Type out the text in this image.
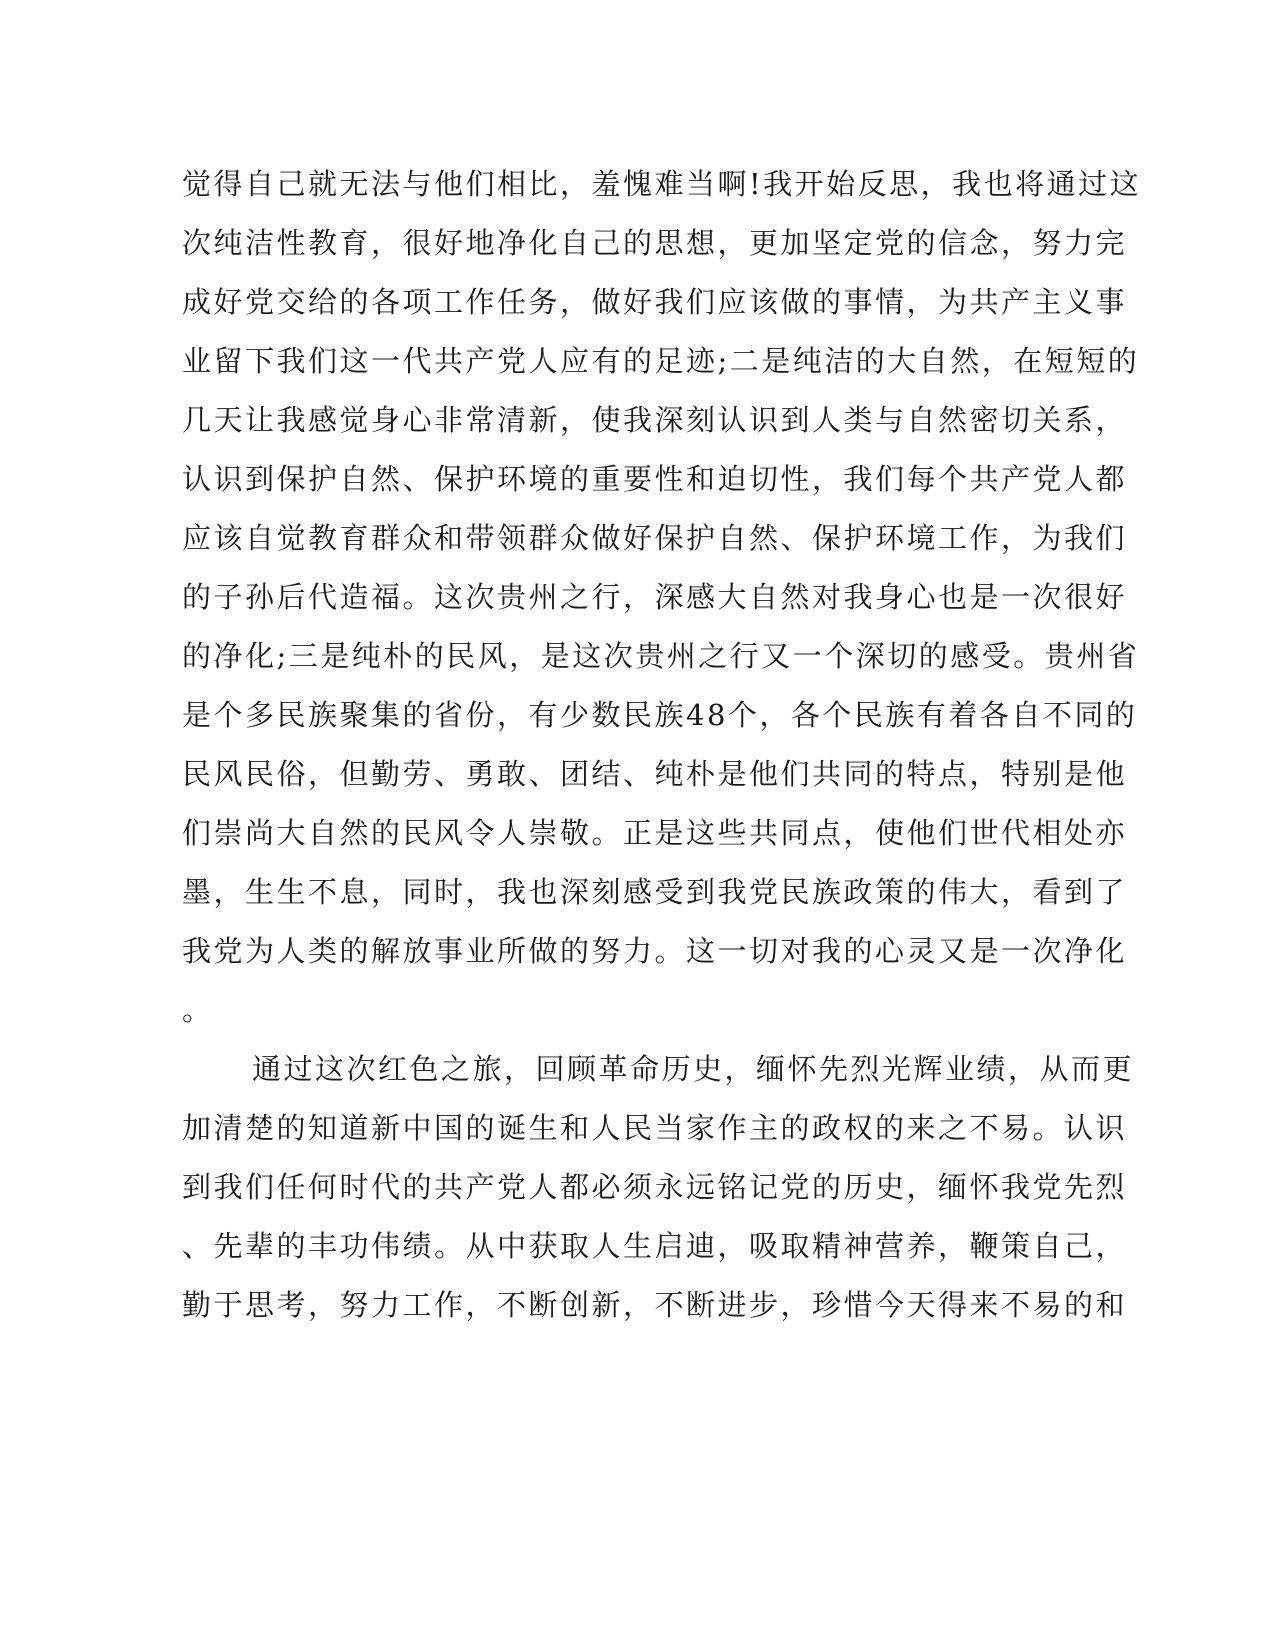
觉得自己就无法与他们相比，羞愧难当啊!我开始反思，我也将通过这
次纯洁性教育，很好地净化自己的思想，更加坚定党的信念，努力完
成好党交给的各项工作任务，做好我们应该做的事情，为共产主义事
业留下我们这一代共产党人应有的足迹;二是纯洁的大自然，在短短的
几天让我感觉身心非常清新，使我深刻认识到人类与自然密切关系，
认识到保护自然、保护环境的重要性和迫切性，我们每个共产党人都
应该自觉教育群众和带领群众做好保护自然、保护环境工作，为我们
的子孙后代造福。这次贵州之行，深感大自然对我身心也是一次很好
的净化;三是纯朴的民风，是这次贵州之行又一个深切的感受。贵州省
是个多民族聚集的省份，有少数民族48个，各个民族有着各自不同的
民风民俗，但勤劳、勇敢、团结、纯朴是他们共同的特点，特别是他
们崇尚大自然的民风令人崇敬。正是这些共同点，使他们世代相处亦
墨，生生不息，同时，我也深刻感受到我党民族政策的伟大，看到了
我党为人类的解放事业所做的努力。这一切对我的心灵又是一次净化
。
通过这次红色之旅，回顾革命历史，缅怀先烈光辉业绩，从而更
加清楚的知道新中国的诞生和人民当家作主的政权的来之不易。认识
到我们任何时代的共产党人都必须永远铭记党的历史，缅怀我党先烈
、先辈的丰功伟绩。从中获取人生启迪，吸取精神营养，鞭策自己，
勤于思考，努力工作，不断创新，不断进步，珍惜今天得来不易的和
